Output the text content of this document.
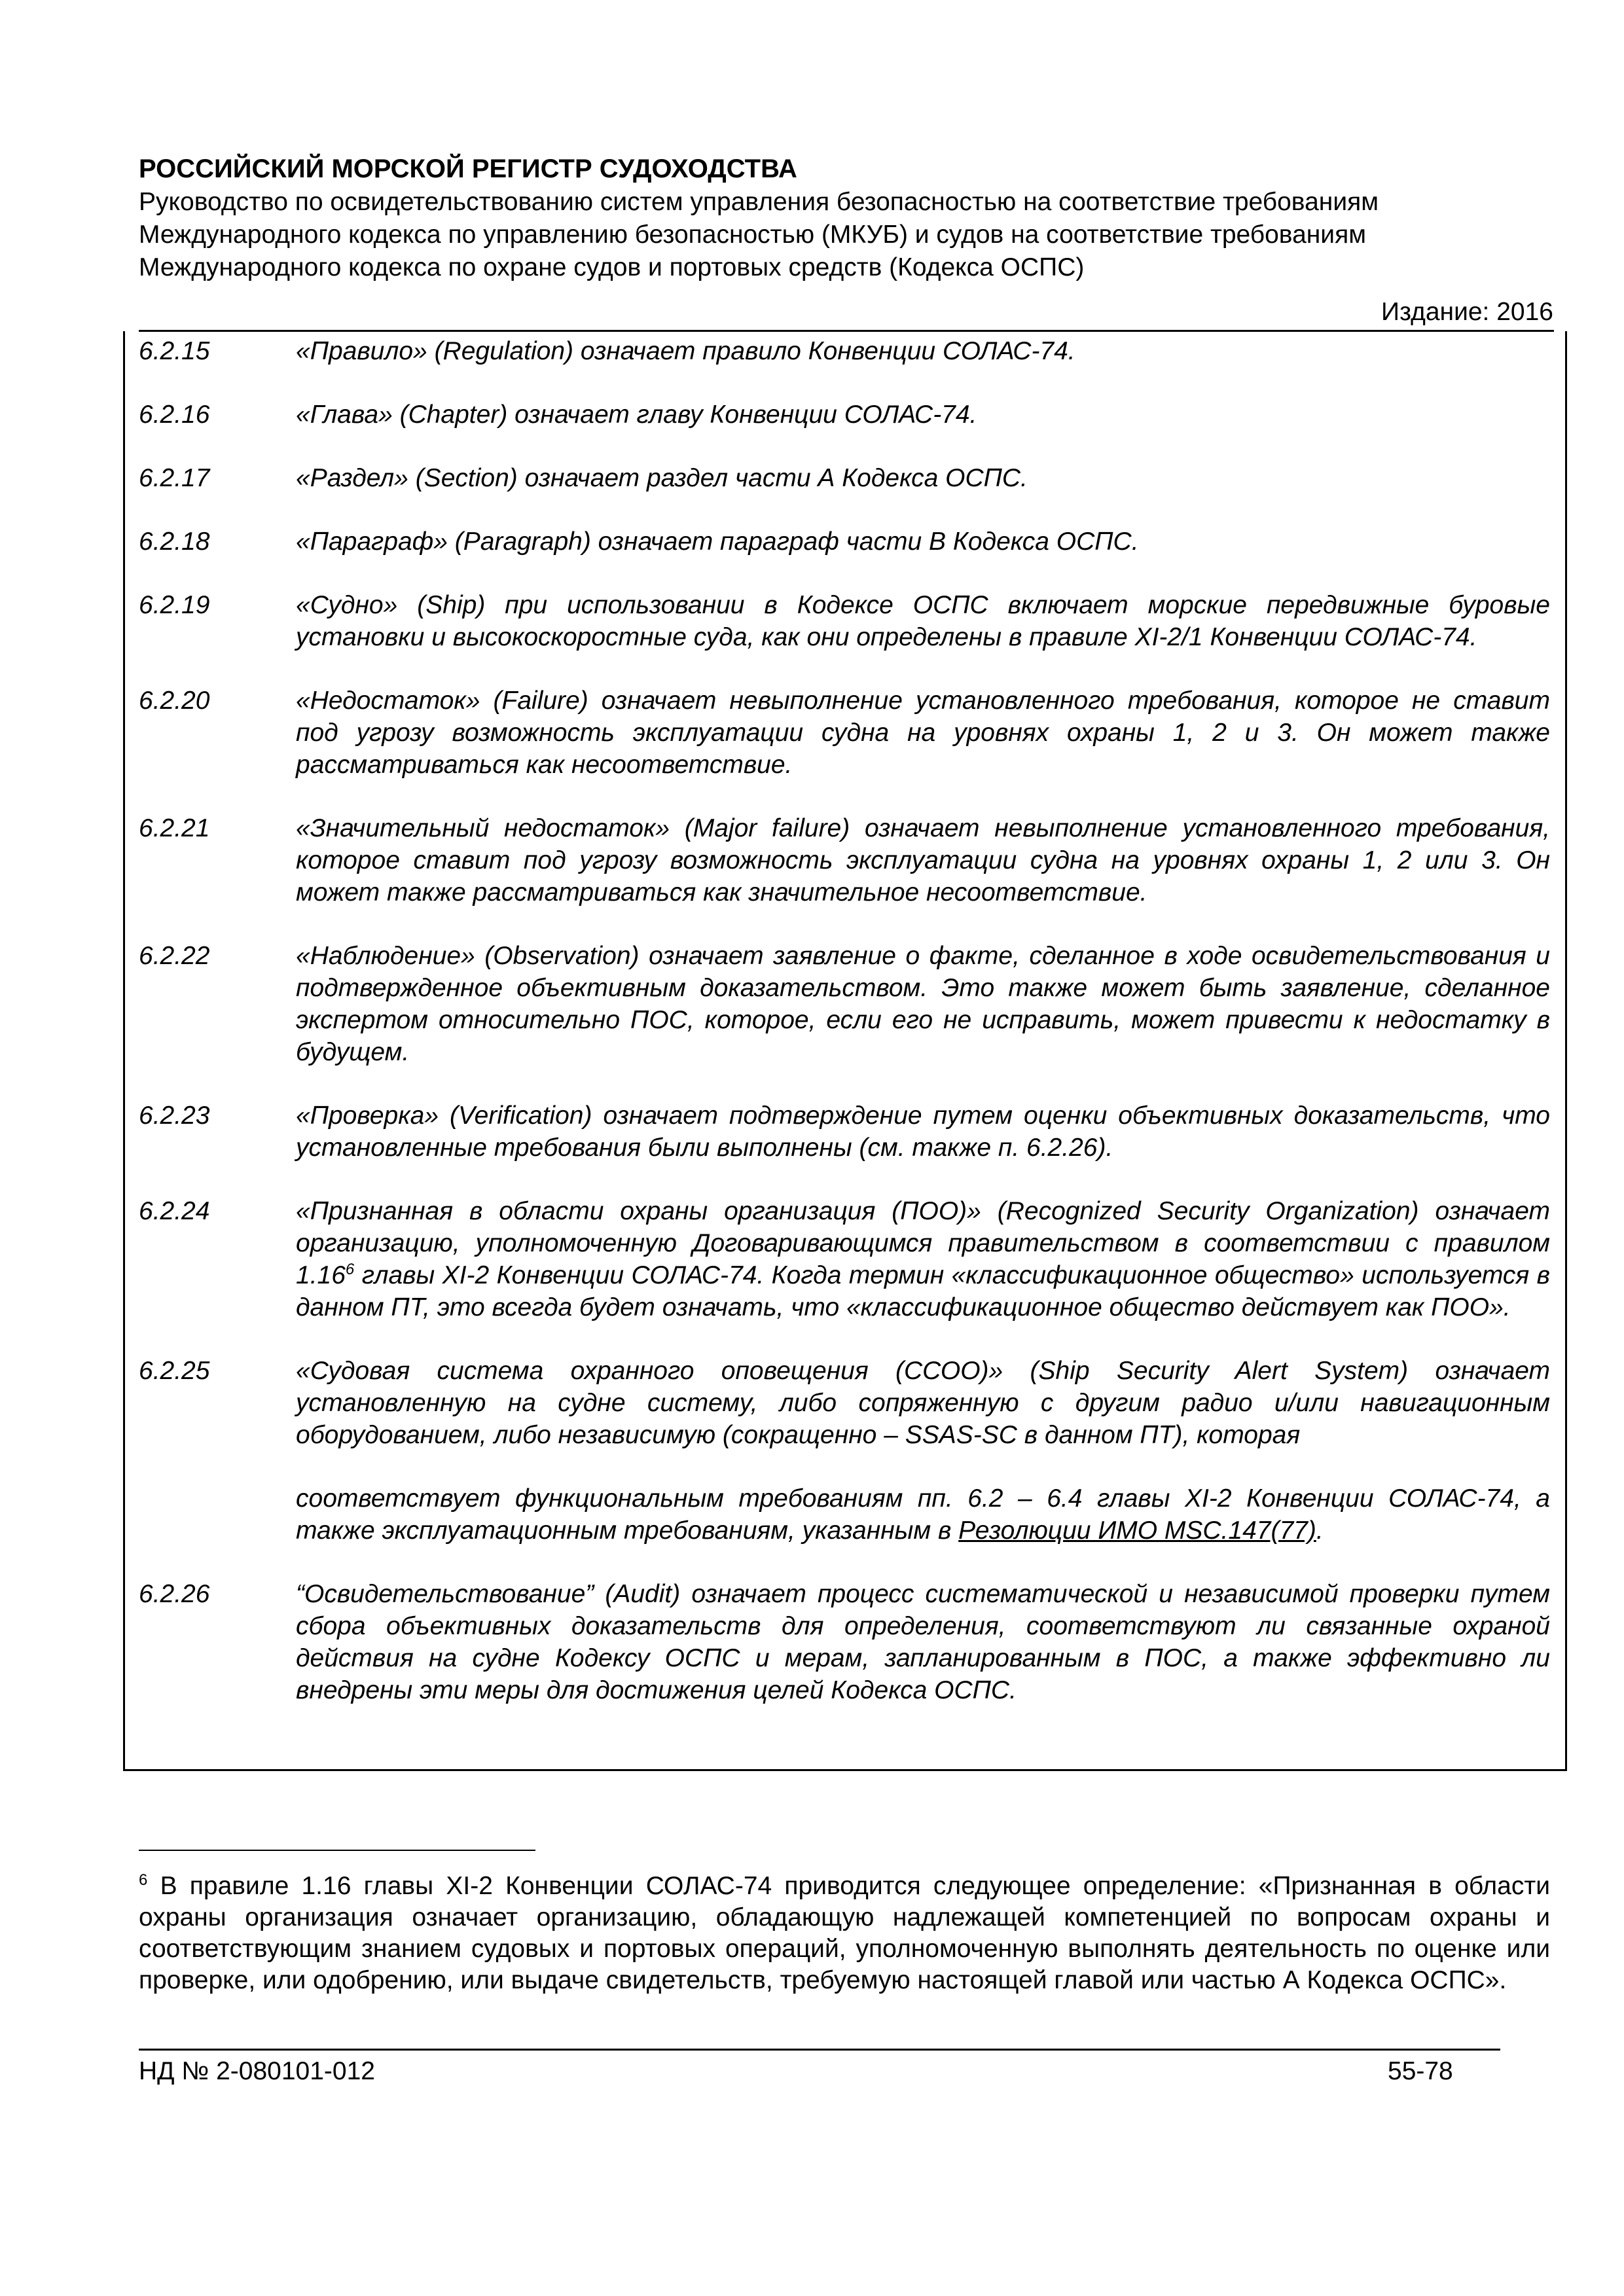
РОССИЙСКИЙ МОРСКОЙ РЕГИСТР СУДОХОДСТВА
Руководство по освидетельствованию систем управления безопасностью на соответствие требованиям
Международного кодекса по управлению безопасностью (МКУБ) и судов на соответствие требованиям
Международного кодекса по охране судов и портовых средств (Кодекса ОСПС)
Издание: 2016
6.2.15	«Правило» (Regulation) означает правило Конвенции СОЛАС-74.
6.2.16	«Глава» (Chapter) означает главу Конвенции СОЛАС-74.
6.2.17	«Раздел» (Section) означает раздел части А Кодекса ОСПС.
6.2.18	«Параграф» (Paragraph) означает параграф части В Кодекса ОСПС.
6.2.19	«Судно» (Ship) при использовании в Кодексе ОСПС включает морские передвижные буровые установки и высокоскоростные суда, как они определены в правиле XI-2/1 Конвенции СОЛАС-74.
6.2.20	«Недостаток» (Failure) означает невыполнение установленного требования, которое не ставит под угрозу возможность эксплуатации судна на уровнях охраны 1, 2 и 3. Он может также рассматриваться как несоответствие.
6.2.21	«Значительный недостаток» (Major failure) означает невыполнение установленного требования, которое ставит под угрозу возможность эксплуатации судна на уровнях охраны 1, 2 или 3. Он может также рассматриваться как значительное несоответствие.
6.2.22	«Наблюдение» (Observation) означает заявление о факте, сделанное в ходе освидетельствования и подтвержденное объективным доказательством. Это также может быть заявление, сделанное экспертом относительно ПОС, которое, если его не исправить, может привести к недостатку в будущем.
6.2.23	«Проверка» (Verification) означает подтверждение путем оценки объективных доказательств, что установленные требования были выполнены (см. также п. 6.2.26).
6.2.24	«Признанная в области охраны организация (ПОО)» (Recognized Security Organization) означает организацию, уполномоченную Договаривающимся правительством в соответствии с правилом 1.16$^6$ главы XI-2 Конвенции СОЛАС-74. Когда термин «классификационное общество» используется в данном ПТ, это всегда будет означать, что «классификационное общество действует как ПОО».
6.2.25	«Судовая система охранного оповещения (ССОО)» (Ship Security Alert System) означает установленную на судне систему, либо сопряженную с другим радио и/или навигационным оборудованием, либо независимую (сокращенно – SSAS-SC в данном ПТ), которая

соответствует функциональным требованиям пп. 6.2 – 6.4 главы XI-2 Конвенции СОЛАС-74, а также эксплуатационным требованиям, указанным в Резолюции ИМО MSC.147(77).

6.2.26	“Освидетельствование” (Audit) означает процесс систематической и независимой проверки путем сбора объективных доказательств для определения, соответствуют ли связанные охраной действия на судне Кодексу ОСПС и мерам, запланированным в ПОС, а также эффективно ли внедрены эти меры для достижения целей Кодекса ОСПС.
$^6$ В правиле 1.16 главы XI-2 Конвенции СОЛАС-74 приводится следующее определение: «Признанная в области охраны организация означает организацию, обладающую надлежащей компетенцией по вопросам охраны и соответствующим знанием судовых и портовых операций, уполномоченную выполнять деятельность по оценке или проверке, или одобрению, или выдаче свидетельств, требуемую настоящей главой или частью А Кодекса ОСПС».
НД № 2-080101-012	55-78
